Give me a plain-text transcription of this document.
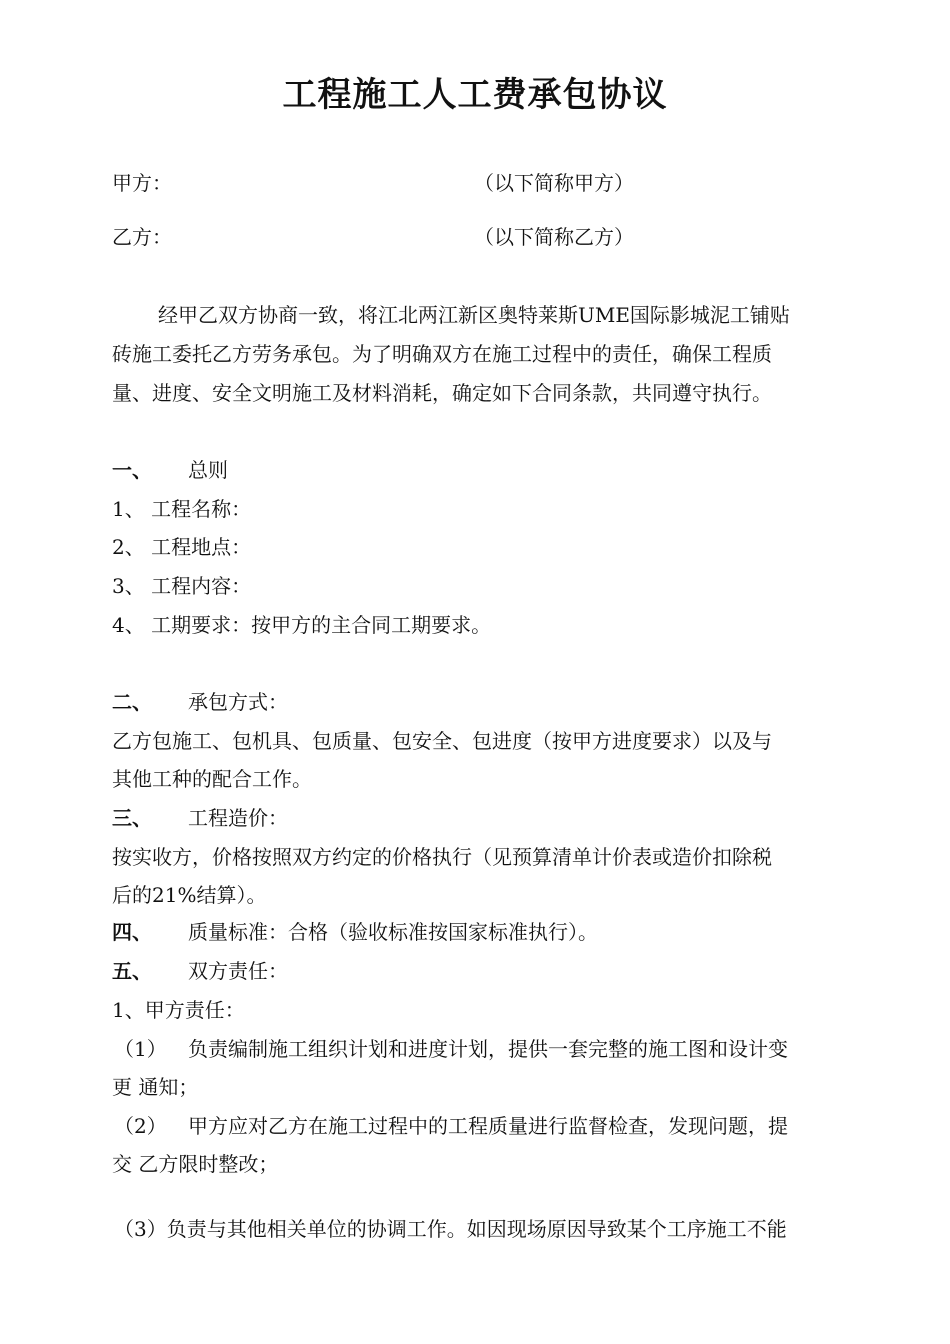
工程施工人工费承包协议
甲方：	（以下简称甲方）
乙方：	（以下简称乙方）
经甲乙双方协商一致，将江北两江新区奥特莱斯UME国际影城泥工铺贴
砖施工委托乙方劳务承包。为了明确双方在施工过程中的责任，确保工程质
量、进度、安全文明施工及材料消耗，确定如下合同条款，共同遵守执行。
一、 总则
1、 工程名称：
2、 工程地点：
3、 工程内容：
4、 工期要求：按甲方的主合同工期要求。
二、 承包方式：
乙方包施工、包机具、包质量、包安全、包进度（按甲方进度要求）以及与
其他工种的配合工作。
三、 工程造价：
按实收方，价格按照双方约定的价格执行（见预算清单计价表或造价扣除税
后的21%结算）。
四、 质量标准：合格（验收标准按国家标准执行）。
五、 双方责任：
1、甲方责任：
（1） 负责编制施工组织计划和进度计划，提供一套完整的施工图和设计变
更 通知；
（2） 甲方应对乙方在施工过程中的工程质量进行监督检查，发现问题，提
交 乙方限时整改；
（3）负责与其他相关单位的协调工作。如因现场原因导致某个工序施工不能
